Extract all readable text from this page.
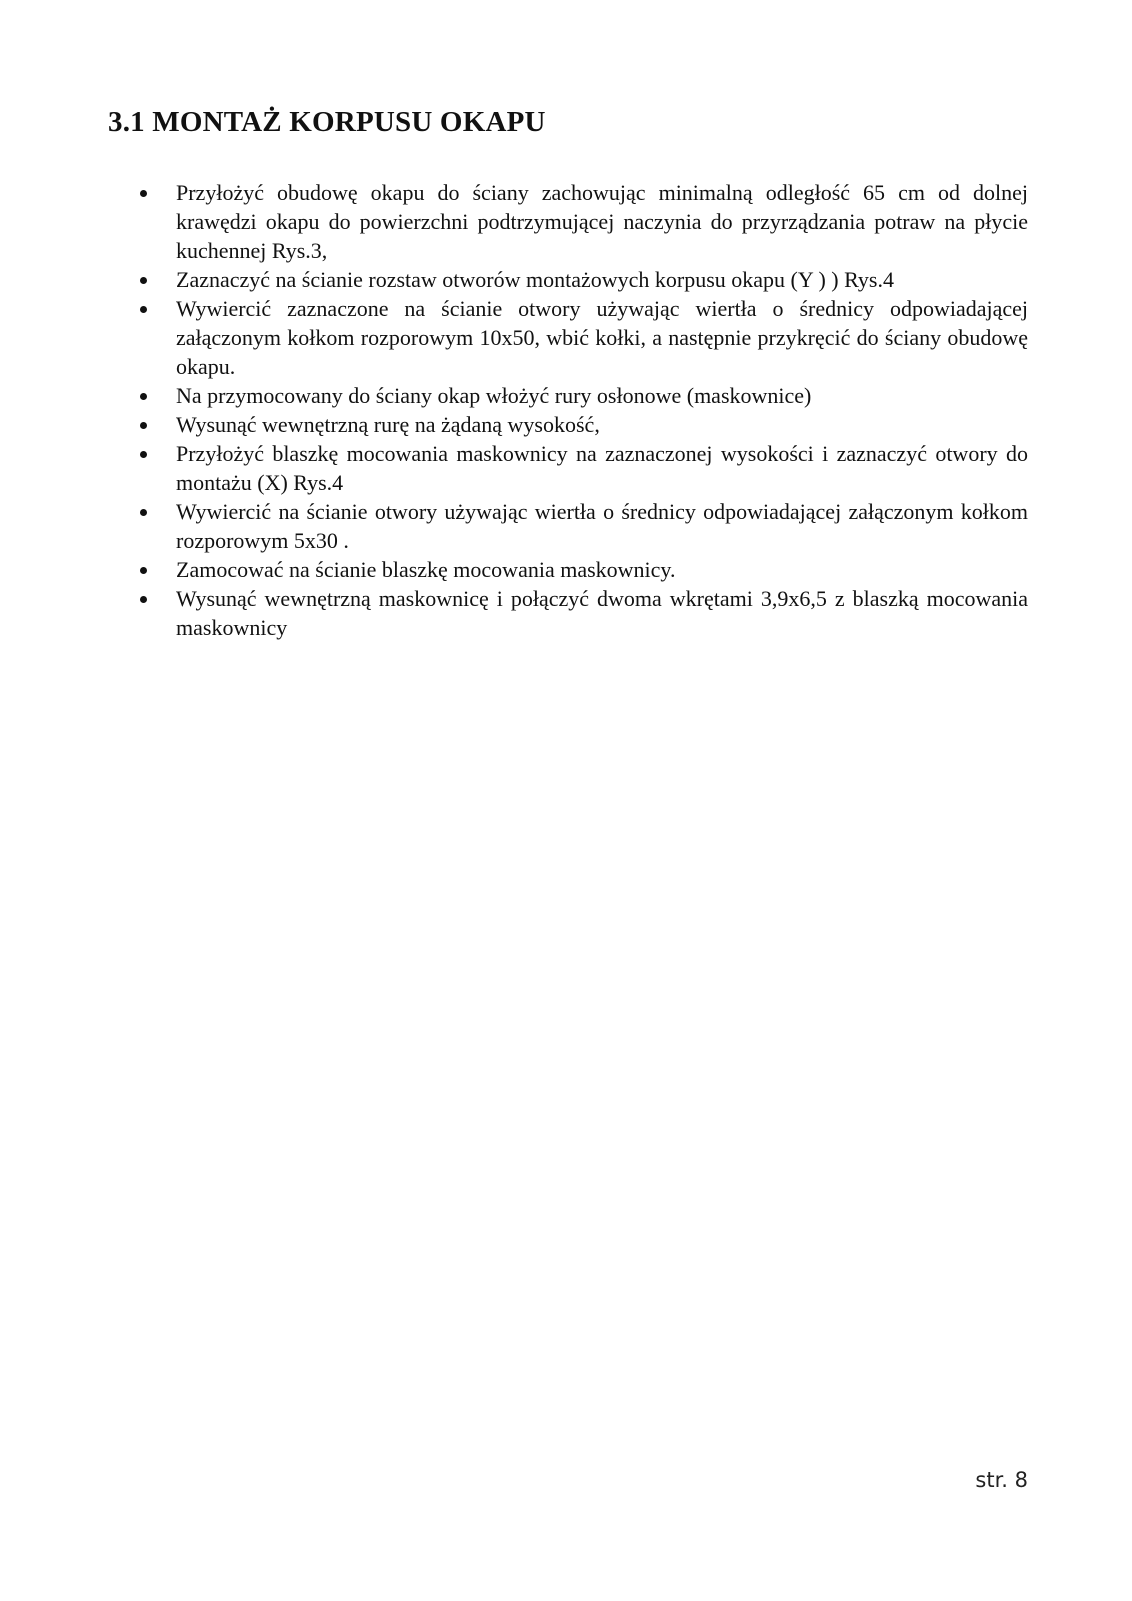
3.1 MONTAŻ KORPUSU OKAPU
Przyłożyć obudowę okapu do ściany zachowując minimalną odległość 65 cm od dolnej krawędzi okapu do powierzchni podtrzymującej naczynia do przyrządzania potraw na płycie kuchennej Rys.3,
Zaznaczyć na ścianie rozstaw otworów montażowych korpusu okapu (Y ) ) Rys.4
Wywiercić zaznaczone na ścianie otwory używając wiertła o średnicy odpowiadającej załączonym kołkom rozporowym 10x50, wbić kołki, a następnie przykręcić do ściany obudowę okapu.
Na przymocowany do ściany okap włożyć rury osłonowe (maskownice)
Wysunąć wewnętrzną rurę na żądaną wysokość,
Przyłożyć blaszkę mocowania maskownicy na zaznaczonej wysokości i zaznaczyć otwory do montażu (X) Rys.4
Wywiercić na ścianie otwory używając wiertła o średnicy odpowiadającej załączonym kołkom rozporowym 5x30 .
Zamocować na ścianie blaszkę mocowania maskownicy.
Wysunąć wewnętrzną maskownicę i połączyć dwoma wkrętami 3,9x6,5 z blaszką mocowania maskownicy
str. 8
